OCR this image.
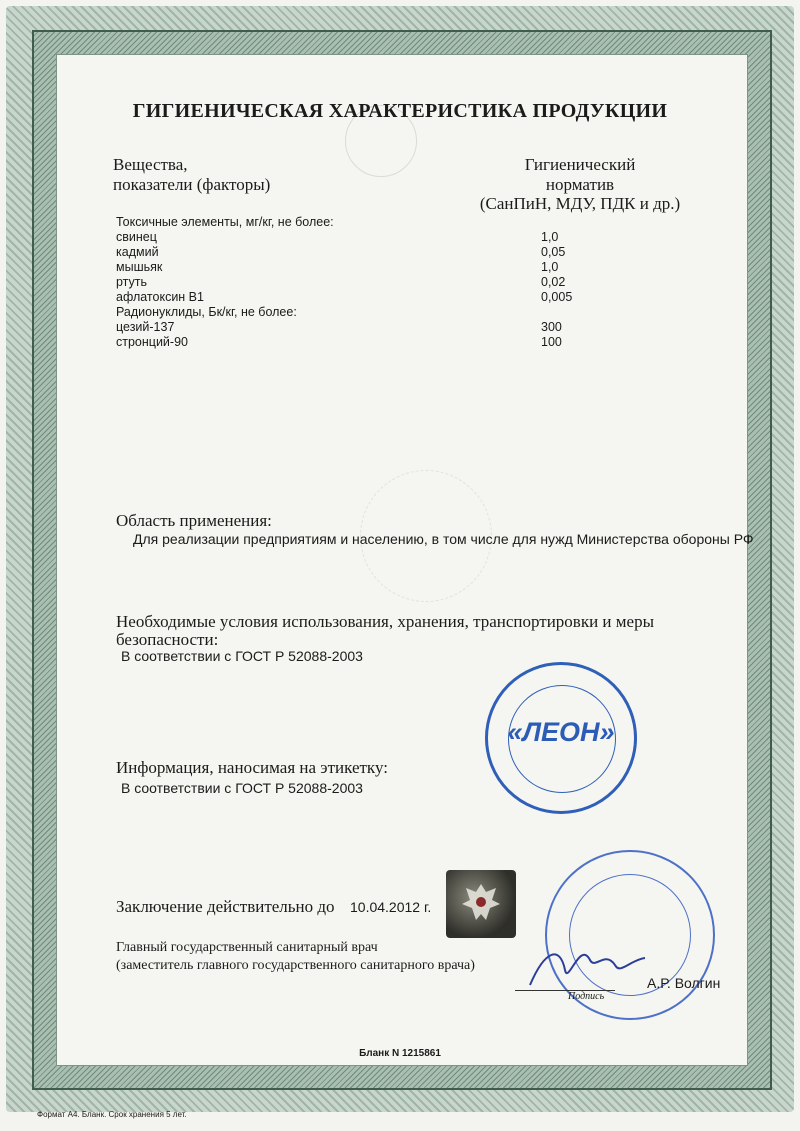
ГИГИЕНИЧЕСКАЯ ХАРАКТЕРИСТИКА ПРОДУКЦИИ
Вещества,
показатели (факторы)
Гигиенический
норматив
(СанПиН, МДУ, ПДК и др.)
Токсичные элементы, мг/кг, не более:
свинец	1,0
кадмий	0,05
мышьяк	1,0
ртуть	0,02
афлатоксин B1	0,005
Радионуклиды, Бк/кг, не более:
цезий-137	300
стронций-90	100
Область применения:
Для реализации предприятиям и населению, в том числе для нужд Министерства обороны РФ
Необходимые условия использования, хранения, транспортировки и меры
безопасности:
В соответствии с ГОСТ Р 52088-2003
Информация, наносимая на этикетку:
В соответствии с ГОСТ Р 52088-2003
Заключение действительно до 10.04.2012 г.
Главный государственный санитарный врач
(заместитель главного государственного санитарного врача)
«ЛЕОН»
Подпись
А.Р. Волгин
Бланк N 1215861
Формат А4. Бланк. Срок хранения 5 лет.
